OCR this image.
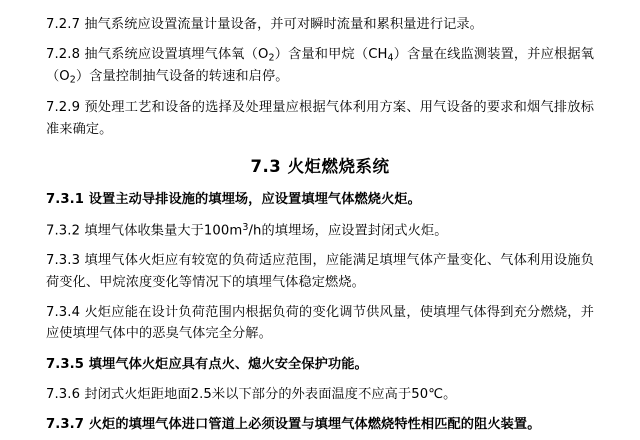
7.2.7 抽气系统应设置流量计量设备，并可对瞬时流量和累积量进行记录。

7.2.8 抽气系统应设置填埋气体氧$(O_2)$含量和甲烷$(CH_4)$含量在线监测装置，并应根据氧$(O_2)$含量控制抽气设备的转速和启停。

7.2.9 预处理工艺和设备的选择及处理量应根据气体利用方案、用气设备的要求和烟气排放标准来确定。

7.3 火炬燃烧系统

7.3.1 设置主动导排设施的填埋场，应设置填埋气体燃烧火炬。

7.3.2 填埋气体收集量大于$100m^3/h$的填埋场，应设置封闭式火炬。

7.3.3 填埋气体火炬应有较宽的负荷适应范围，应能满足填埋气体产量变化、气体利用设施负荷变化、甲烷浓度变化等情况下的填埋气体稳定燃烧。

7.3.4 火炬应能在设计负荷范围内根据负荷的变化调节供风量，使填埋气体得到充分燃烧，并应使填埋气体中的恶臭气体完全分解。

7.3.5 填埋气体火炬应具有点火、熄火安全保护功能。

7.3.6 封闭式火炬距地面2.5米以下部分的外表面温度不应高于50℃。

7.3.7 火炬的填埋气体进口管道上必须设置与填埋气体燃烧特性相匹配的阻火装置。
